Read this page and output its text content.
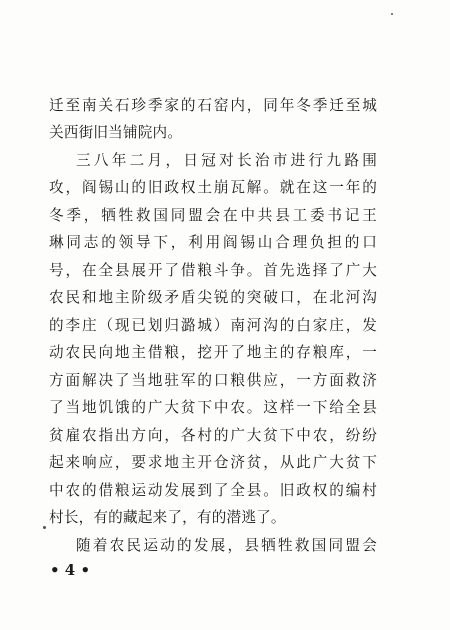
迁至南关石珍季家的石窑内，同年冬季迁至城
关西街旧当铺院内。
三八年二月，日冠对长治市进行九路围
攻，阎锡山的旧政权土崩瓦解。就在这一年的
冬季，牺牲救国同盟会在中共县工委书记王
琳同志的领导下，利用阎锡山合理负担的口
号，在全县展开了借粮斗争。首先选择了广大
农民和地主阶级矛盾尖锐的突破口，在北河沟
的李庄（现已划归潞城）南河沟的白家庄，发
动农民向地主借粮，挖开了地主的存粮库，一
方面解决了当地驻军的口粮供应，一方面救济
了当地饥饿的广大贫下中农。这样一下给全县
贫雇农指出方向，各村的广大贫下中农，纷纷
起来响应，要求地主开仓济贫，从此广大贫下
中农的借粮运动发展到了全县。旧政权的编村
村长，有的藏起来了，有的潜逃了。
随着农民运动的发展，县牺牲救国同盟会
• 4 •
